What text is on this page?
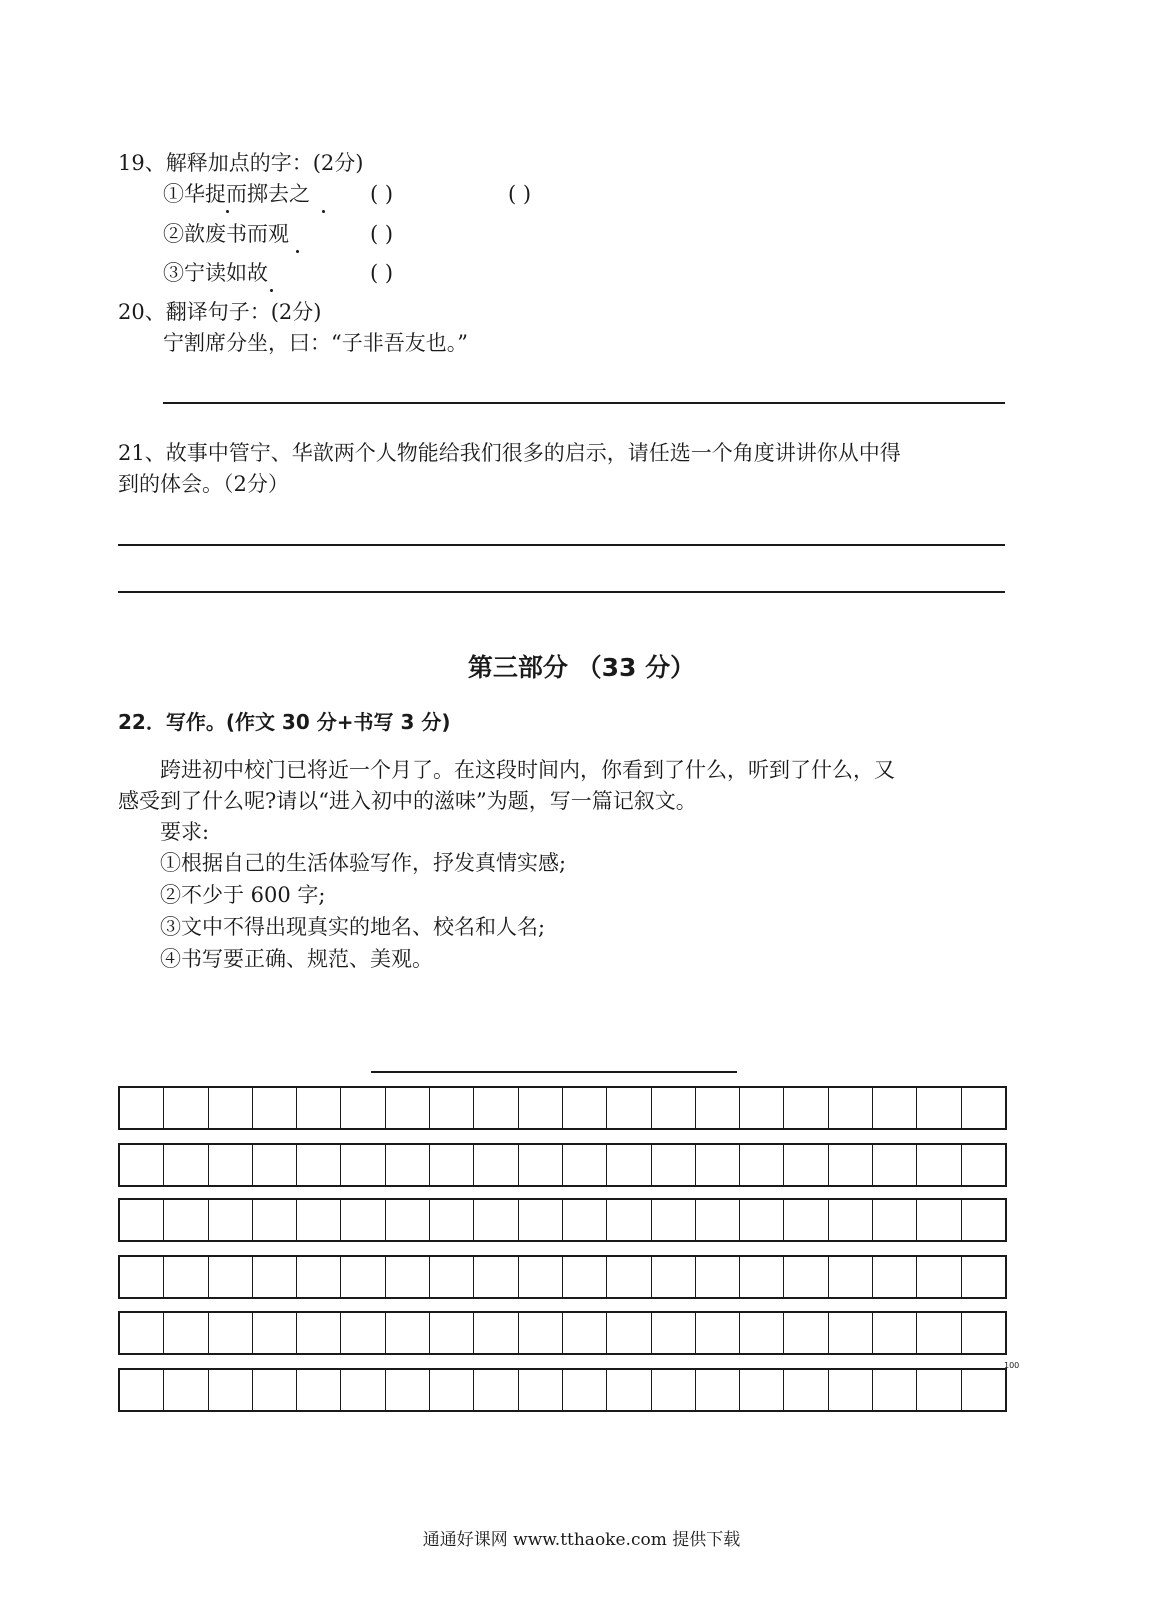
19、解释加点的字：(2分)
①华捉而掷去之	( )	( )
②歆废书而观	( )
③宁读如故	( )
20、翻译句子：(2分)
宁割席分坐，曰：“子非吾友也。”
21、故事中管宁、华歆两个人物能给我们很多的启示，请任选一个角度讲讲你从中得
到的体会。（2分）
第三部分 （33 分）
22．写作。(作文 30 分+书写 3 分)
跨进初中校门已将近一个月了。在这段时间内，你看到了什么，听到了什么，又
感受到了什么呢?请以“进入初中的滋味”为题，写一篇记叙文。
要求:
①根据自己的生活体验写作，抒发真情实感;
②不少于 600 字;
③文中不得出现真实的地名、校名和人名;
④书写要正确、规范、美观。
100
通通好课网 www.tthaoke.com 提供下载
